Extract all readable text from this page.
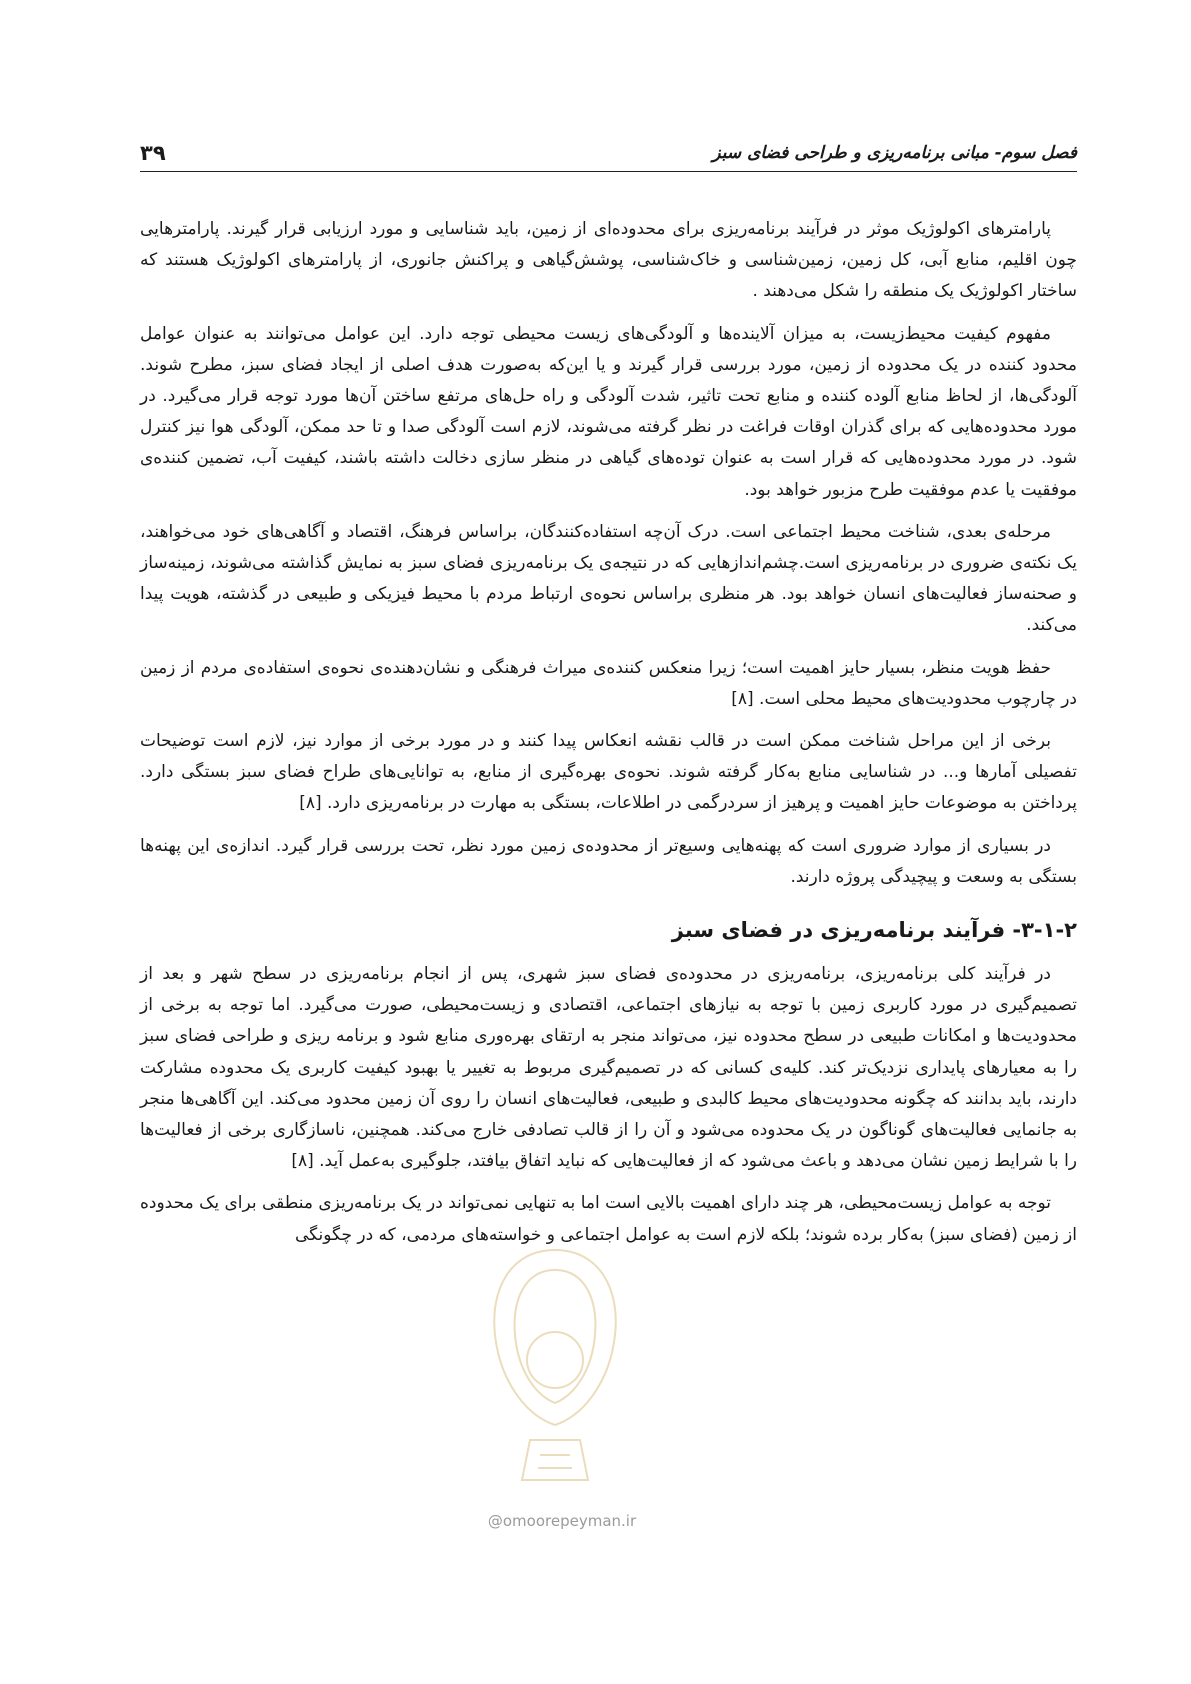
فصل سوم- مبانی برنامه‌ریزی و طراحی فضای سبز
۳۹

پارامترهای اکولوژیک موثر در فرآیند برنامه‌ریزی برای محدوده‌ای از زمین، باید شناسایی و مورد ارزیابی قرار گیرند. پارامترهایی چون اقلیم، منابع آبی، کل زمین، زمین‌شناسی و خاک‌شناسی، پوشش‌گیاهی و پراکنش جانوری، از پارامترهای اکولوژیک هستند که ساختار اکولوژیک یک منطقه را شکل می‌دهند .

مفهوم کیفیت محیط‌زیست، به میزان آلاینده‌ها و آلودگی‌های زیست محیطی توجه دارد. این عوامل می‌توانند به عنوان عوامل محدود کننده در یک محدوده از زمین، مورد بررسی قرار گیرند و یا این‌که به‌صورت هدف اصلی از ایجاد فضای سبز، مطرح شوند. آلودگی‌ها، از لحاظ منابع آلوده کننده و منابع تحت تاثیر، شدت آلودگی و راه حل‌های مرتفع ساختن آن‌ها مورد توجه قرار می‌گیرد. در مورد محدوده‌هایی که برای گذران اوقات فراغت در نظر گرفته می‌شوند، لازم است آلودگی صدا و تا حد ممکن، آلودگی هوا نیز کنترل شود. در مورد محدوده‌هایی که قرار است به عنوان توده‌های گیاهی در منظر سازی دخالت داشته باشند، کیفیت آب، تضمین کننده‌ی موفقیت یا عدم موفقیت طرح مزبور خواهد بود.

مرحله‌ی بعدی، شناخت محیط اجتماعی است. درک آن‌چه استفاده‌کنندگان، براساس فرهنگ، اقتصاد و آگاهی‌های خود می‌خواهند، یک نکته‌ی ضروری در برنامه‌ریزی است.چشم‌اندازهایی که در نتیجه‌ی یک برنامه‌ریزی فضای سبز به نمایش گذاشته می‌شوند، زمینه‌ساز و صحنه‌ساز فعالیت‌های انسان خواهد بود. هر منظری براساس نحوه‌ی ارتباط مردم با محیط فیزیکی و طبیعی در گذشته، هویت پیدا می‌کند.

حفظ هویت منظر، بسیار حایز اهمیت است؛ زیرا منعکس کننده‌ی میراث فرهنگی و نشان‌دهنده‌ی نحوه‌ی استفاده‌ی مردم از زمین در چارچوب محدودیت‌های محیط محلی است. [۸]

برخی از این مراحل شناخت ممکن است در قالب نقشه انعکاس پیدا کنند و در مورد برخی از موارد نیز، لازم است توضیحات تفصیلی آمارها و... در شناسایی منابع به‌کار گرفته شوند. نحوه‌ی بهره‌گیری از منابع، به توانایی‌های طراح فضای سبز بستگی دارد. پرداختن به موضوعات حایز اهمیت و پرهیز از سردرگمی در اطلاعات، بستگی به مهارت در برنامه‌ریزی دارد. [۸]

در بسیاری از موارد ضروری است که پهنه‌هایی وسیع‌تر از محدوده‌ی زمین مورد نظر، تحت بررسی قرار گیرد. اندازه‌ی این پهنه‌ها بستگی به وسعت و پیچیدگی پروژه دارند.

۳-۱-۲- فرآیند برنامه‌ریزی در فضای سبز

در فرآیند کلی برنامه‌ریزی، برنامه‌ریزی در محدوده‌ی فضای سبز شهری، پس از انجام برنامه‌ریزی در سطح شهر و بعد از تصمیم‌گیری در مورد کاربری زمین با توجه به نیازهای اجتماعی، اقتصادی و زیست‌محیطی، صورت می‌گیرد. اما توجه به برخی از محدودیت‌ها و امکانات طبیعی در سطح محدوده نیز، می‌تواند منجر به ارتقای بهره‌وری منابع شود و برنامه ریزی و طراحی فضای سبز را به معیارهای پایداری نزدیک‌تر کند. کلیه‌ی کسانی که در تصمیم‌گیری مربوط به تغییر یا بهبود کیفیت کاربری یک محدوده مشارکت دارند، باید بدانند که چگونه محدودیت‌های محیط کالبدی و طبیعی، فعالیت‌های انسان را روی آن زمین محدود می‌کند. این آگاهی‌ها منجر به جانمایی فعالیت‌های گوناگون در یک محدوده می‌شود و آن را از قالب تصادفی خارج می‌کند. همچنین، ناسازگاری برخی از فعالیت‌ها را با شرایط زمین نشان می‌دهد و باعث می‌شود که از فعالیت‌هایی که نباید اتفاق بیافتد، جلوگیری به‌عمل آید. [۸]

توجه به عوامل زیست‌محیطی، هر چند دارای اهمیت بالایی است اما به تنهایی نمی‌تواند در یک برنامه‌ریزی منطقی برای یک محدوده از زمین (فضای سبز) به‌کار برده شوند؛ بلکه لازم است به عوامل اجتماعی و خواسته‌های مردمی، که در چگونگی

@omoorepeyman.ir
